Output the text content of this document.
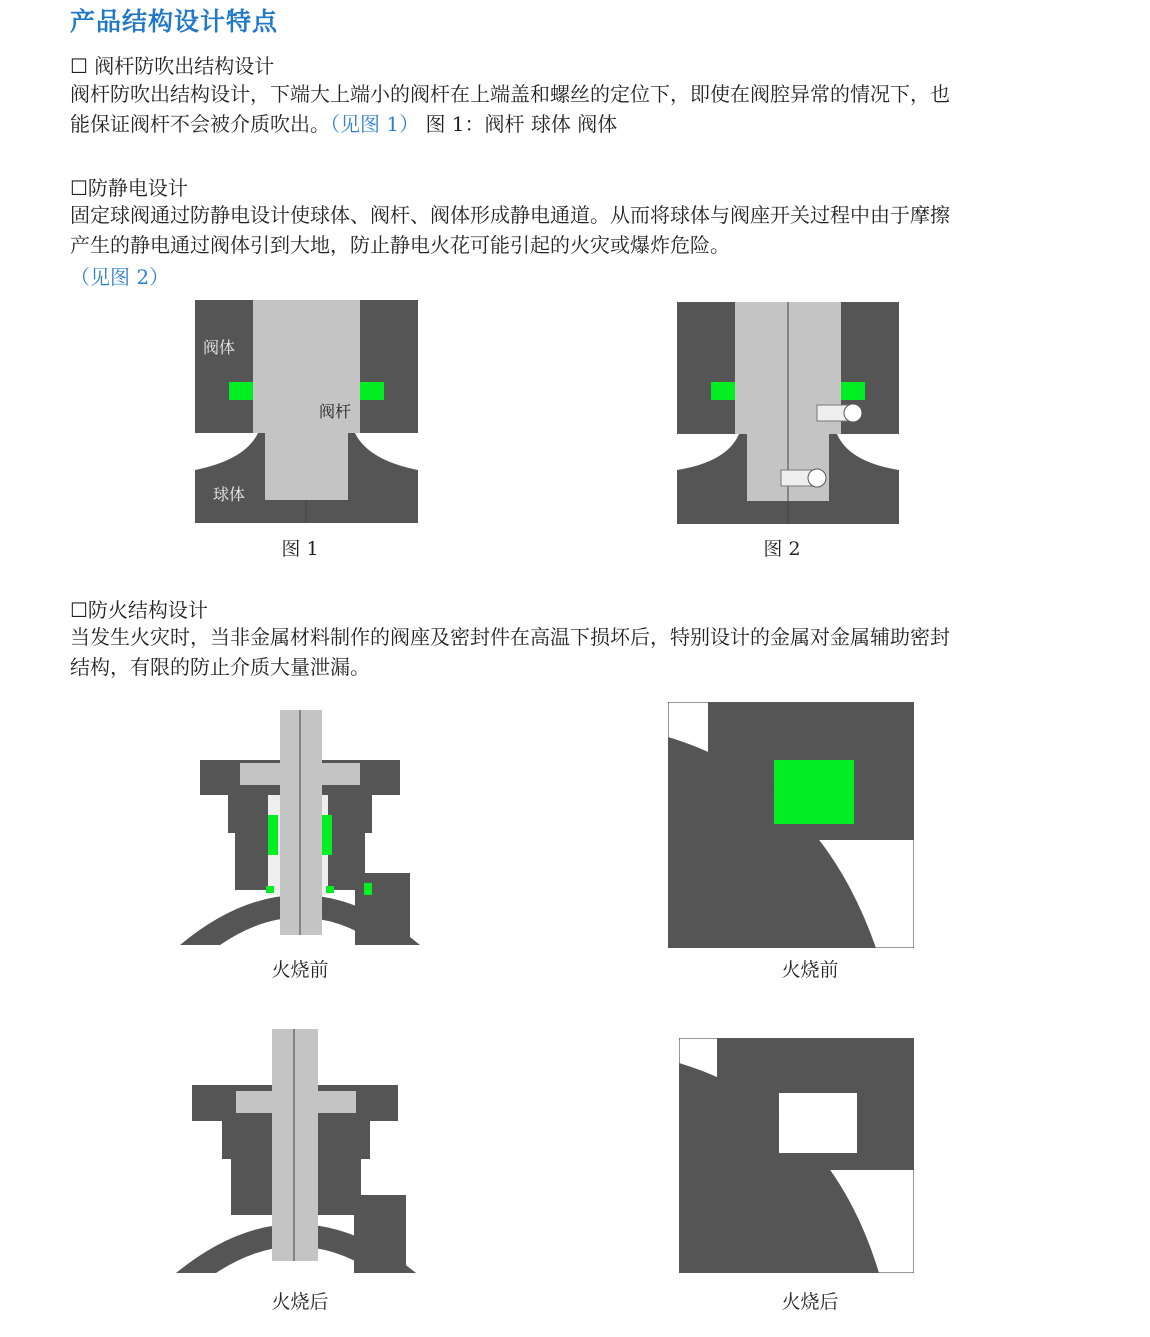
产品结构设计特点
☐ 阀杆防吹出结构设计

阀杆防吹出结构设计，下端大上端小的阀杆在上端盖和螺丝的定位下，即使在阀腔异常的情况下，也
能保证阀杆不会被介质吹出。（见图 1） 图 1：阀杆 球体 阀体

☐防静电设计

固定球阀通过防静电设计使球体、阀杆、阀体形成静电通道。从而将球体与阀座开关过程中由于摩擦
产生的静电通过阀体引到大地，防止静电火花可能引起的火灾或爆炸危险。

（见图 2）
阀体
阀杆
球体
图 1	图 2
☐防火结构设计

当发生火灾时，当非金属材料制作的阀座及密封件在高温下损坏后，特别设计的金属对金属辅助密封
结构，有限的防止介质大量泄漏。

火烧前	火烧前
火烧后	火烧后
